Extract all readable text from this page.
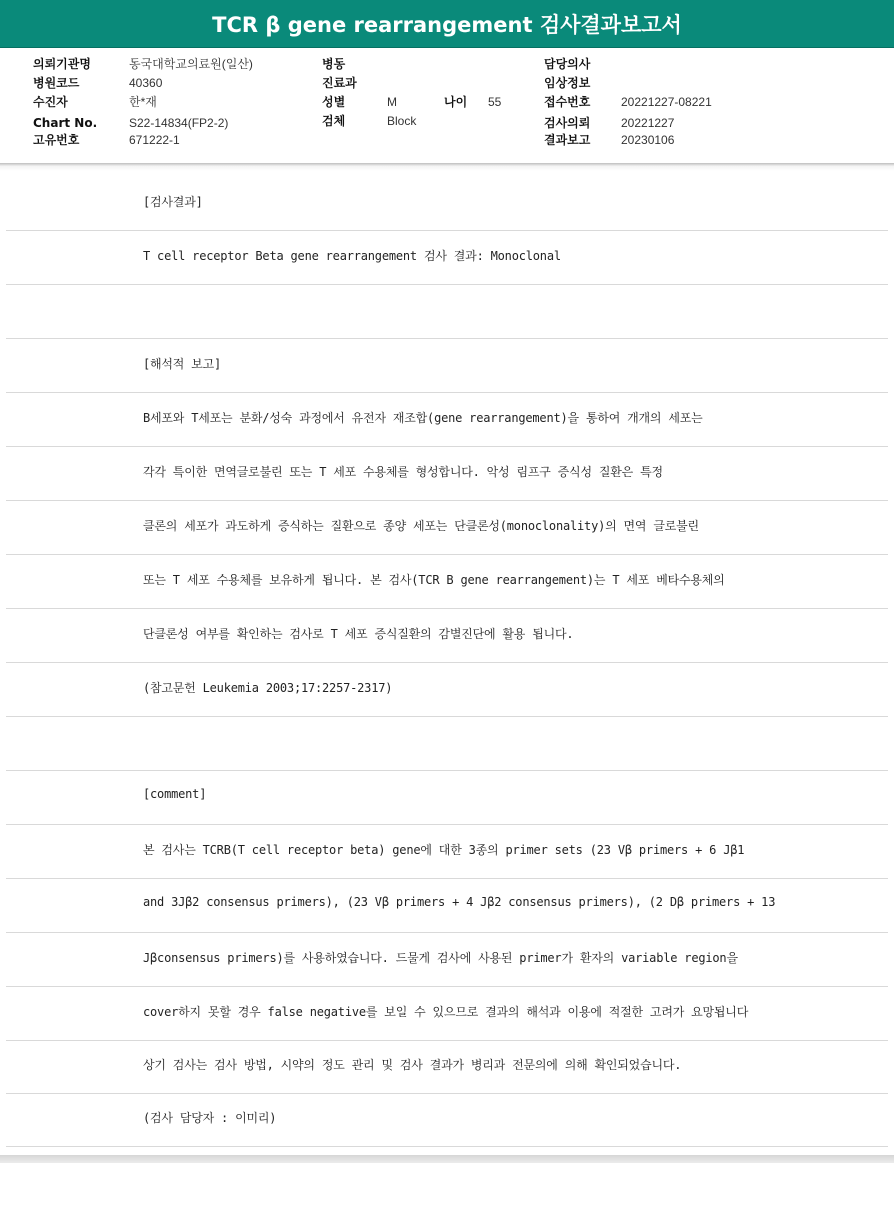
TCR β gene rearrangement 검사결과보고서
의뢰기관명	동국대학교의료원(일산)
병원코드	40360
수진자	한*재
Chart No.	S22-14834(FP2-2)
고유번호	671222-1
병동
진료과
성별	M	나이 55
검체	Block
담당의사
임상정보
접수번호	20221227-08221
검사의뢰	20221227
결과보고	20230106
[검사결과]
T cell receptor Beta gene rearrangement 검사 결과: Monoclonal
[해석적 보고]
B세포와 T세포는 분화/성숙 과정에서 유전자 재조합(gene rearrangement)을 통하여 개개의 세포는
각각 특이한 면역글로불린 또는 T 세포 수용체를 형성합니다. 악성 림프구 증식성 질환은 특정
클론의 세포가 과도하게 증식하는 질환으로 종양 세포는 단클론성(monoclonality)의 면역 글로불린
또는 T 세포 수용체를 보유하게 됩니다. 본 검사(TCR B gene rearrangement)는 T 세포 베타수용체의
단클론성 여부를 확인하는 검사로 T 세포 증식질환의 감별진단에 활용 됩니다.
(참고문헌 Leukemia 2003;17:2257-2317)
[comment]
본 검사는 TCRB(T cell receptor beta) gene에 대한 3종의 primer sets (23 Vβ primers + 6 Jβ1
and 3Jβ2 consensus primers), (23 Vβ primers + 4 Jβ2 consensus primers), (2 Dβ primers + 13
Jβconsensus primers)를 사용하였습니다. 드물게 검사에 사용된 primer가 환자의 variable region을
cover하지 못할 경우 false negative를 보일 수 있으므로 결과의 해석과 이용에 적절한 고려가 요망됩니다
상기 검사는 검사 방법, 시약의 정도 관리 및 검사 결과가 병리과 전문의에 의해 확인되었습니다.
(검사 담당자 : 이미리)
